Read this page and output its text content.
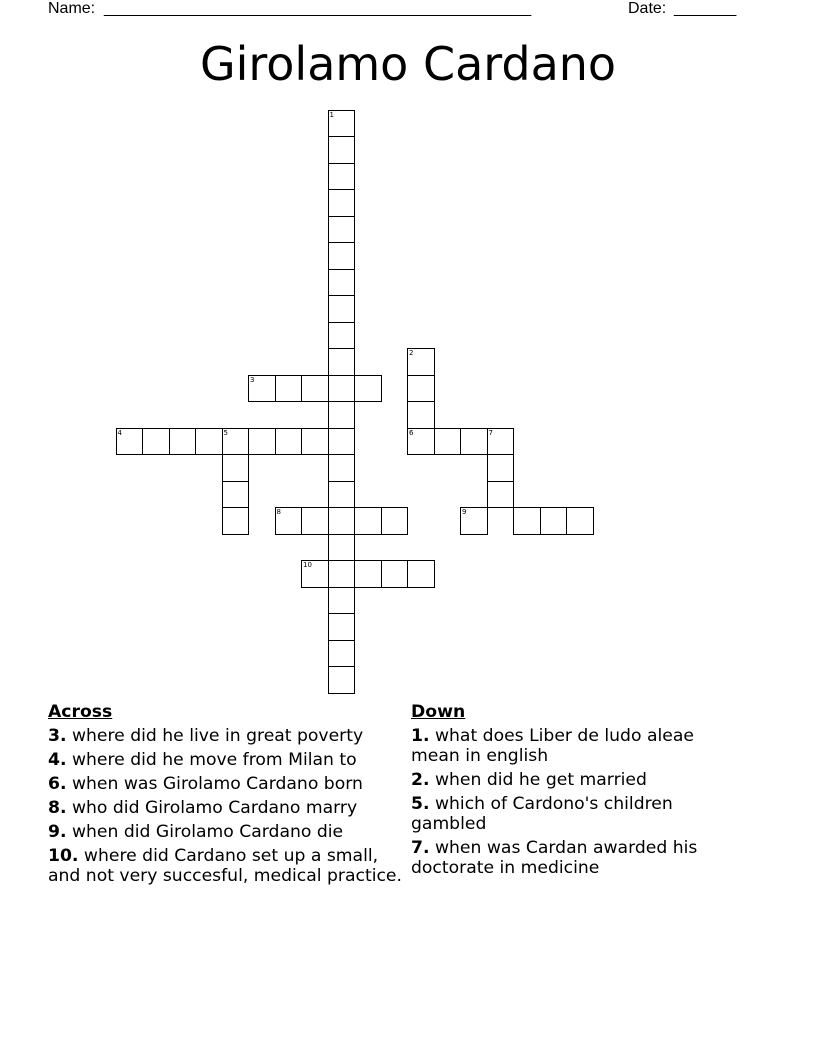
Name: ________________________________________________	Date: _______
Girolamo Cardano
1
3
4	5
2
6	7
8	9
10
Across
3. where did he live in great poverty
4. where did he move from Milan to
6. when was Girolamo Cardano born
8. who did Girolamo Cardano marry
9. when did Girolamo Cardano die
10. where did Cardano set up a small, and not very succesful, medical practice.
Down
1. what does Liber de ludo aleae mean in english
2. when did he get married
5. which of Cardono's children gambled
7. when was Cardan awarded his doctorate in medicine
